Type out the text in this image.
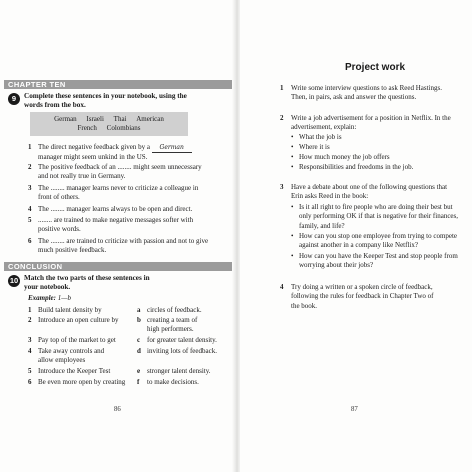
CHAPTER TEN
9	Complete these sentences in your notebook, using the
words from the box.
German Israeli Thai American
French Colombians
1 The direct negative feedback given by a German
manager might seem unkind in the US.
2 The positive feedback of an ........ might seem unnecessary
and not really true in Germany.
3 The ........ manager learns never to criticize a colleague in
front of others.
4 The ........ manager learns always to be open and direct.
5 ........ are trained to make negative messages softer with
positive words.
6 The ........ are trained to criticize with passion and not to give
much positive feedback.
CONCLUSION
10 Match the two parts of these sentences in
your notebook.
Example: 1—b
1 Build talent density by
2 Introduce an open culture by
3 Pay top of the market to get
4 Take away controls and
allow employees
5 Introduce the Keeper Test
6 Be even more open by creating
a circles of feedback.
b creating a team of
high performers.
c for greater talent density.
d inviting lots of feedback.
e stronger talent density.
f to make decisions.
86
Project work
1 Write some interview questions to ask Reed Hastings.
Then, in pairs, ask and answer the questions.
2 Write a job advertisement for a position in Netflix. In the
advertisement, explain:
• What the job is
• Where it is
• How much money the job offers
• Responsibilities and freedoms in the job.
3 Have a debate about one of the following questions that
Erin asks Reed in the book:
• Is it all right to fire people who are doing their best but
only performing OK if that is negative for their finances,
family, and life?
• How can you stop one employee from trying to compete
against another in a company like Netflix?
• How can you have the Keeper Test and stop people from
worrying about their jobs?
4 Try doing a written or a spoken circle of feedback,
following the rules for feedback in Chapter Two of
the book.
87
